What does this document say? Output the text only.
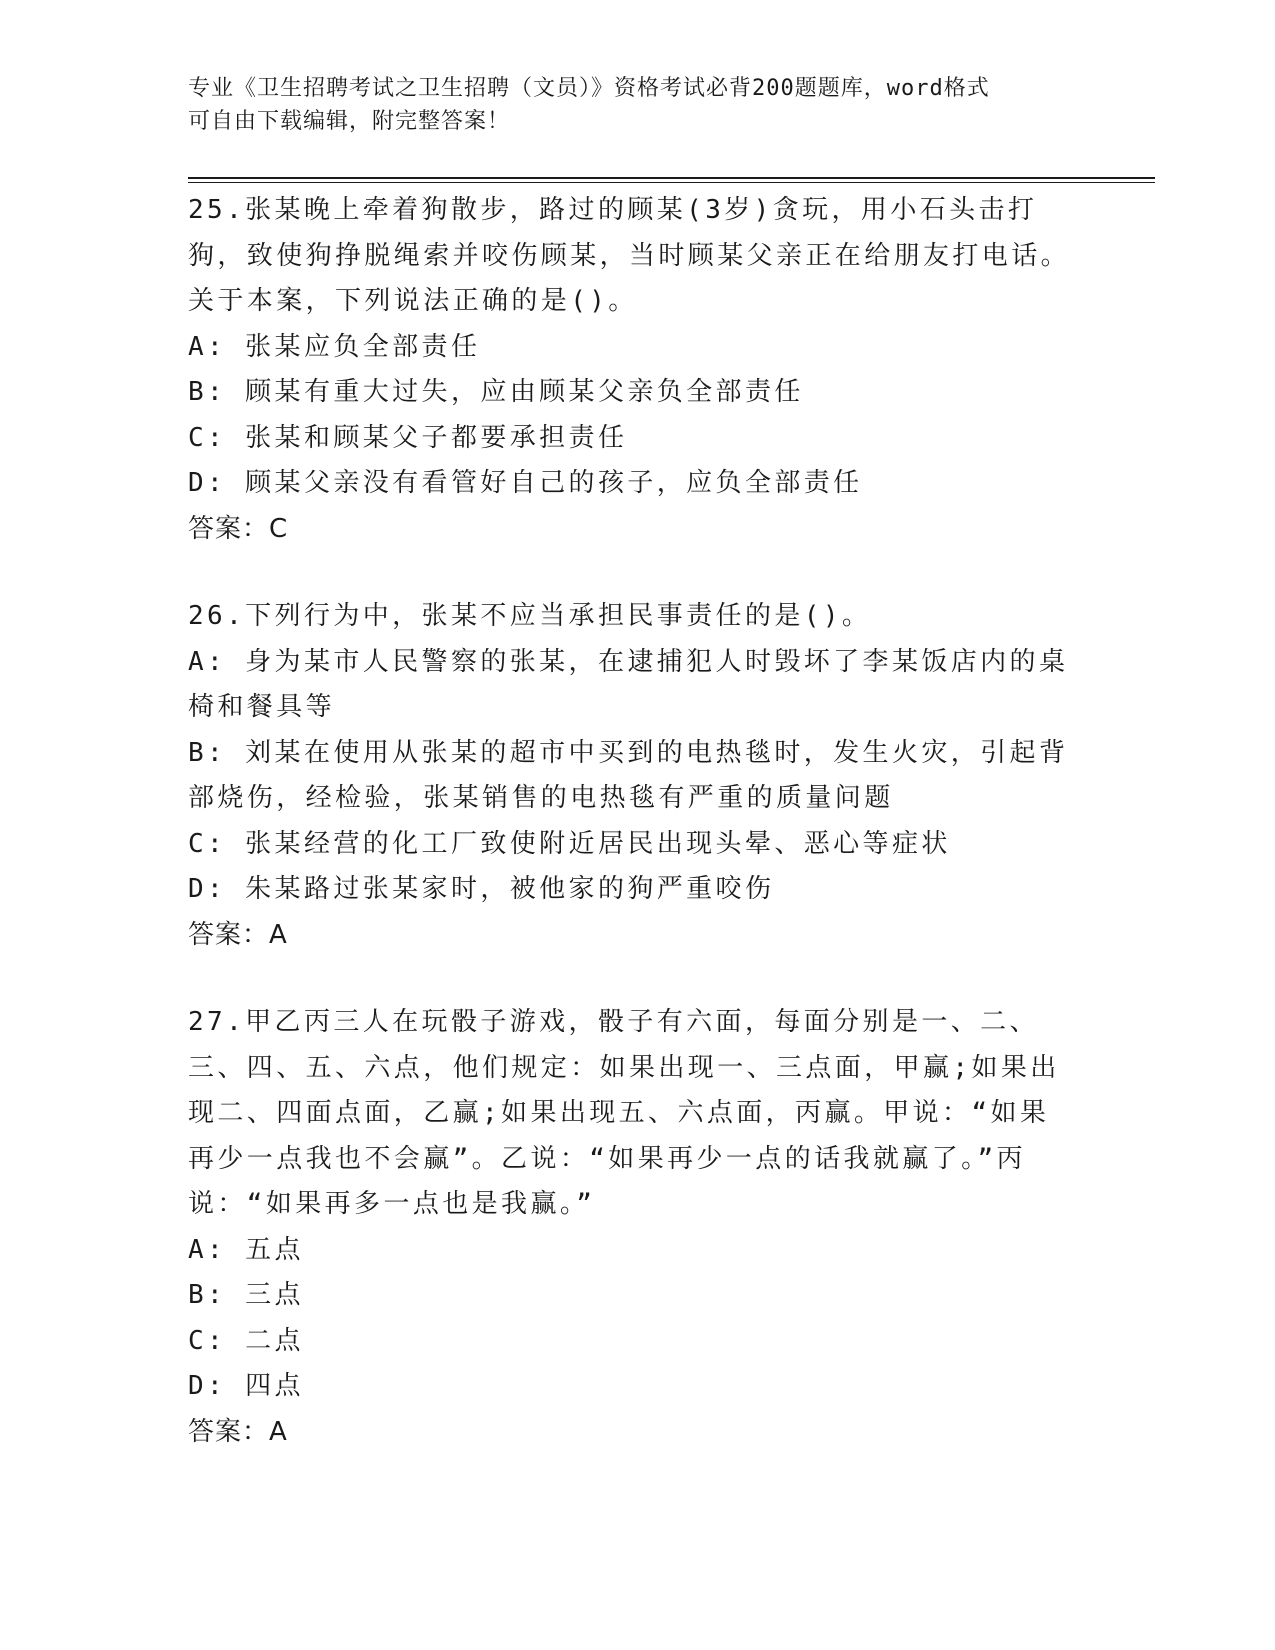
专业《卫生招聘考试之卫生招聘（文员）》资格考试必背200题题库，word格式
可自由下载编辑，附完整答案！

25.张某晚上牵着狗散步，路过的顾某(3岁)贪玩，用小石头击打狗，致使狗挣脱绳索并咬伤顾某，当时顾某父亲正在给朋友打电话。关于本案，下列说法正确的是()。

A: 张某应负全部责任

B: 顾某有重大过失，应由顾某父亲负全部责任

C: 张某和顾某父子都要承担责任

D: 顾某父亲没有看管好自己的孩子，应负全部责任

答案：C

26.下列行为中，张某不应当承担民事责任的是()。

A: 身为某市人民警察的张某，在逮捕犯人时毁坏了李某饭店内的桌椅和餐具等

B: 刘某在使用从张某的超市中买到的电热毯时，发生火灾，引起背部烧伤，经检验，张某销售的电热毯有严重的质量问题

C: 张某经营的化工厂致使附近居民出现头晕、恶心等症状

D: 朱某路过张某家时，被他家的狗严重咬伤

答案：A

27.甲乙丙三人在玩骰子游戏，骰子有六面，每面分别是一、二、三、四、五、六点，他们规定：如果出现一、三点面，甲赢;如果出现二、四面点面，乙赢;如果出现五、六点面，丙赢。甲说：“如果再少一点我也不会赢”。乙说：“如果再少一点的话我就赢了。”丙说：“如果再多一点也是我赢。”

A: 五点

B: 三点

C: 二点

D: 四点

答案：A
